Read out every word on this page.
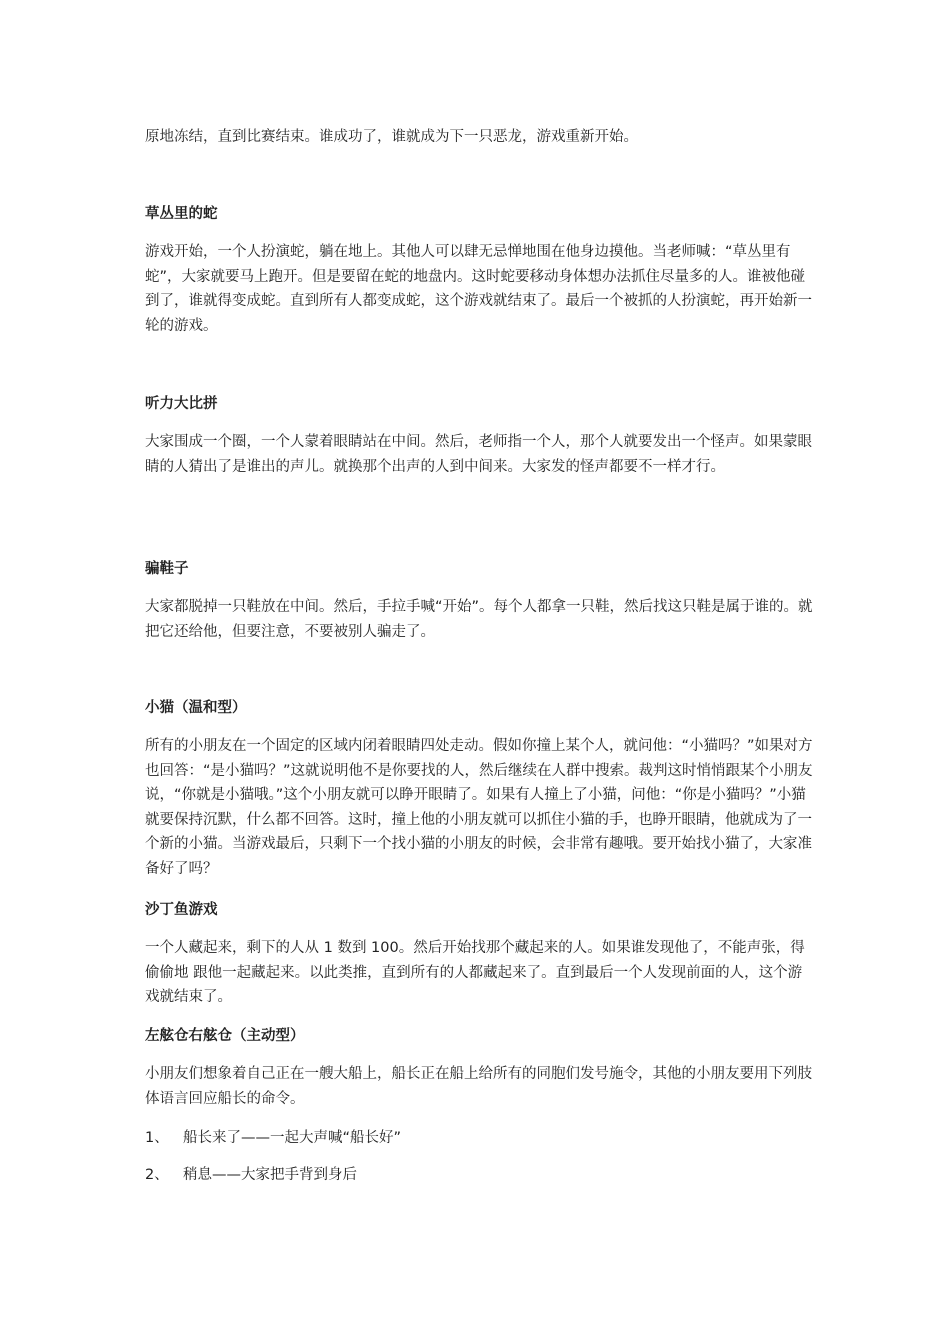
原地冻结，直到比赛结束。谁成功了，谁就成为下一只恶龙，游戏重新开始。

草丛里的蛇

游戏开始，一个人扮演蛇，躺在地上。其他人可以肆无忌惮地围在他身边摸他。当老师喊：“草丛里有蛇”，大家就要马上跑开。但是要留在蛇的地盘内。这时蛇要移动身体想办法抓住尽量多的人。谁被他碰到了，谁就得变成蛇。直到所有人都变成蛇，这个游戏就结束了。最后一个被抓的人扮演蛇，再开始新一轮的游戏。

听力大比拼

大家围成一个圈，一个人蒙着眼睛站在中间。然后，老师指一个人，那个人就要发出一个怪声。如果蒙眼睛的人猜出了是谁出的声儿。就换那个出声的人到中间来。大家发的怪声都要不一样才行。

骗鞋子

大家都脱掉一只鞋放在中间。然后，手拉手喊“开始”。每个人都拿一只鞋，然后找这只鞋是属于谁的。就把它还给他，但要注意，不要被别人骗走了。

小猫（温和型）

所有的小朋友在一个固定的区域内闭着眼睛四处走动。假如你撞上某个人，就问他：“小猫吗？”如果对方也回答：“是小猫吗？”这就说明他不是你要找的人，然后继续在人群中搜索。裁判这时悄悄跟某个小朋友说，“你就是小猫哦。”这个小朋友就可以睁开眼睛了。如果有人撞上了小猫，问他：“你是小猫吗？”小猫就要保持沉默，什么都不回答。这时，撞上他的小朋友就可以抓住小猫的手，也睁开眼睛，他就成为了一个新的小猫。当游戏最后，只剩下一个找小猫的小朋友的时候，会非常有趣哦。要开始找小猫了，大家准备好了吗？

沙丁鱼游戏

一个人藏起来，剩下的人从 1 数到 100。然后开始找那个藏起来的人。如果谁发现他了，不能声张，得偷偷地 跟他一起藏起来。以此类推，直到所有的人都藏起来了。直到最后一个人发现前面的人，这个游戏就结束了。

左舷仓右舷仓（主动型）

小朋友们想象着自己正在一艘大船上，船长正在船上给所有的同胞们发号施令，其他的小朋友要用下列肢体语言回应船长的命令。

1、 船长来了——一起大声喊“船长好”
2、 稍息——大家把手背到身后
